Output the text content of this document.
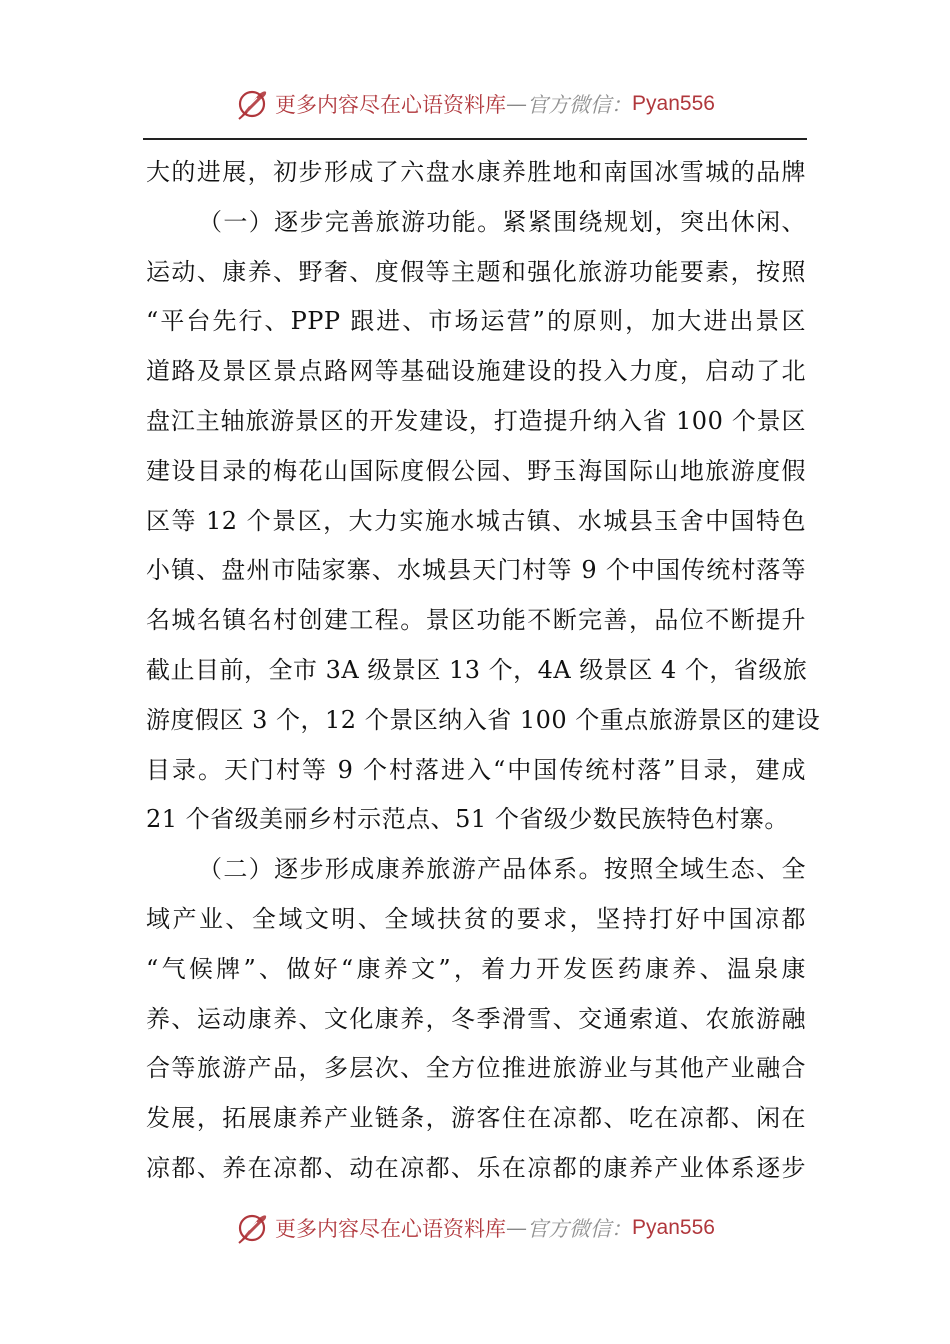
更多内容尽在心语资料库 — 官方微信： Pyan556
大的进展，初步形成了六盘水康养胜地和南国冰雪城的品牌
（一）逐步完善旅游功能。紧紧围绕规划，突出休闲、
运动、康养、野奢、度假等主题和强化旅游功能要素，按照
“平台先行、PPP 跟进、市场运营”的原则，加大进出景区
道路及景区景点路网等基础设施建设的投入力度，启动了北
盘江主轴旅游景区的开发建设，打造提升纳入省 100 个景区
建设目录的梅花山国际度假公园、野玉海国际山地旅游度假
区等 12 个景区，大力实施水城古镇、水城县玉舍中国特色
小镇、盘州市陆家寨、水城县天门村等 9 个中国传统村落等
名城名镇名村创建工程。景区功能不断完善，品位不断提升
截止目前，全市 3A 级景区 13 个，4A 级景区 4 个，省级旅
游度假区 3 个，12 个景区纳入省 100 个重点旅游景区的建设
目录。天门村等 9 个村落进入“中国传统村落”目录，建成
21 个省级美丽乡村示范点、51 个省级少数民族特色村寨。
（二）逐步形成康养旅游产品体系。按照全域生态、全
域产业、全域文明、全域扶贫的要求，坚持打好中国凉都
“气候牌”、做好“康养文”，着力开发医药康养、温泉康
养、运动康养、文化康养，冬季滑雪、交通索道、农旅游融
合等旅游产品，多层次、全方位推进旅游业与其他产业融合
发展，拓展康养产业链条，游客住在凉都、吃在凉都、闲在
凉都、养在凉都、动在凉都、乐在凉都的康养产业体系逐步
更多内容尽在心语资料库 — 官方微信： Pyan556
